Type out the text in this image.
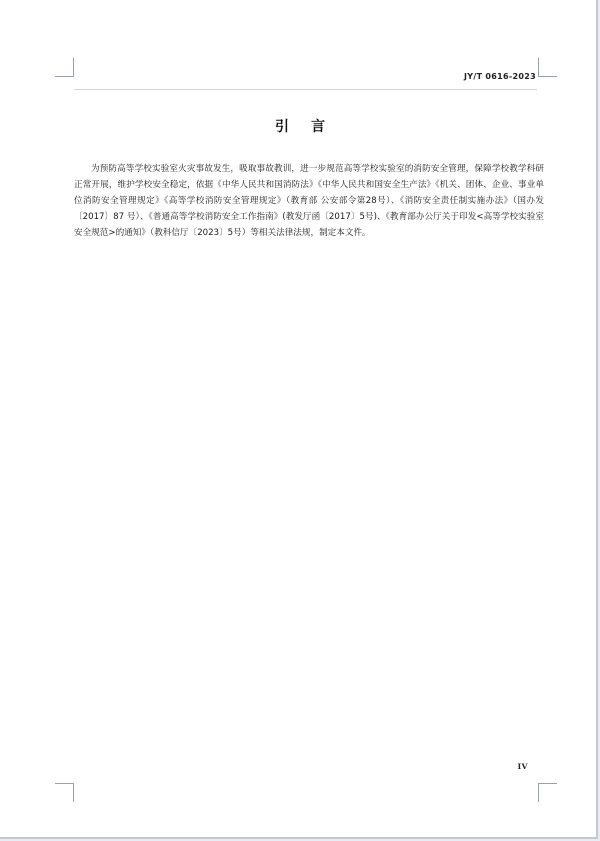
JY/T 0616-2023
引言

为预防高等学校实验室火灾事故发生，吸取事故教训，进一步规范高等学校实验室的消防安全管理，保障学校教学科研正常开展，维护学校安全稳定，依据《中华人民共和国消防法》《中华人民共和国安全生产法》《机关、团体、企业、事业单位消防安全管理规定》《高等学校消防安全管理规定》（教育部 公安部令第28号）、《消防安全责任制实施办法》（国办发〔2017〕87 号）、《普通高等学校消防安全工作指南》(教发厅函〔2017〕5号)、《教育部办公厅关于印发<高等学校实验室安全规范>的通知》（教科信厅〔2023〕5号）等相关法律法规，制定本文件。

IV
